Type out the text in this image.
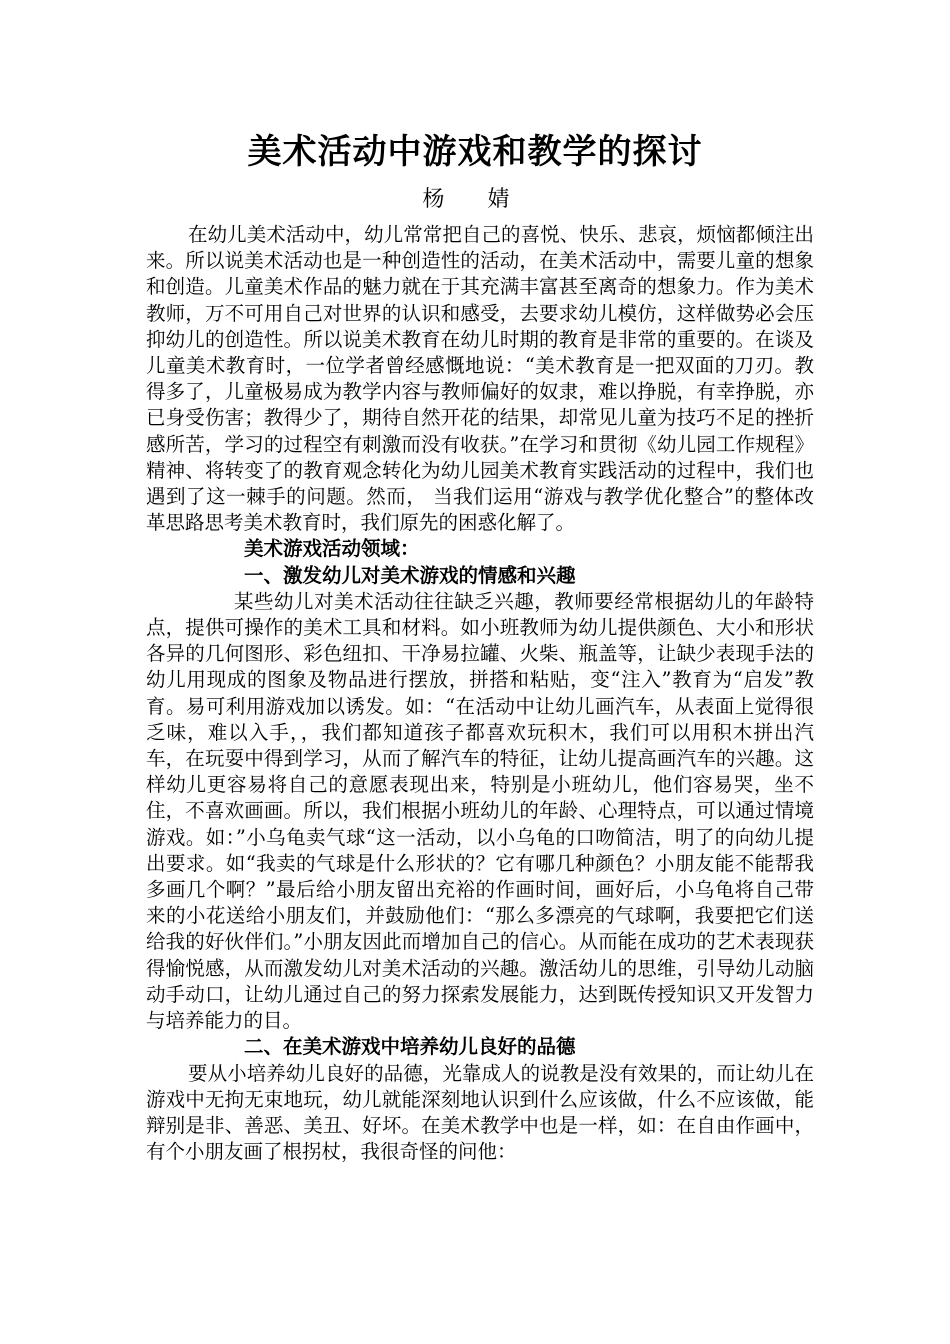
美术活动中游戏和教学的探讨
杨 婧

在幼儿美术活动中，幼儿常常把自己的喜悦、快乐、悲哀，烦恼都倾注出来。所以说美术活动也是一种创造性的活动，在美术活动中，需要儿童的想象和创造。儿童美术作品的魅力就在于其充满丰富甚至离奇的想象力。作为美术教师，万不可用自己对世界的认识和感受，去要求幼儿模仿，这样做势必会压抑幼儿的创造性。所以说美术教育在幼儿时期的教育是非常的重要的。在谈及儿童美术教育时，一位学者曾经感慨地说：“美术教育是一把双面的刀刃。教得多了，儿童极易成为教学内容与教师偏好的奴隶，难以挣脱，有幸挣脱，亦已身受伤害；教得少了，期待自然开花的结果，却常见儿童为技巧不足的挫折感所苦，学习的过程空有刺激而没有收获。”在学习和贯彻《幼儿园工作规程》 精神、将转变了的教育观念转化为幼儿园美术教育实践活动的过程中，我们也遇到了这一棘手的问题。然而， 当我们运用“游戏与教学优化整合”的整体改革思路思考美术教育时，我们原先的困惑化解了。

美术游戏活动领域：

一、激发幼儿对美术游戏的情感和兴趣

某些幼儿对美术活动往往缺乏兴趣，教师要经常根据幼儿的年龄特点，提供可操作的美术工具和材料。如小班教师为幼儿提供颜色、大小和形状各异的几何图形、彩色纽扣、干净易拉罐、火柴、瓶盖等，让缺少表现手法的幼儿用现成的图象及物品进行摆放，拼搭和粘贴，变“注入”教育为“启发”教育。易可利用游戏加以诱发。如：“在活动中让幼儿画汽车，从表面上觉得很乏味，难以入手，，我们都知道孩子都喜欢玩积木，我们可以用积木拼出汽车，在玩耍中得到学习，从而了解汽车的特征，让幼儿提高画汽车的兴趣。这样幼儿更容易将自己的意愿表现出来，特别是小班幼儿，他们容易哭，坐不住，不喜欢画画。所以，我们根据小班幼儿的年龄、心理特点，可以通过情境游戏。如：”小乌龟卖气球“这一活动，以小乌龟的口吻简洁，明了的向幼儿提出要求。如“我卖的气球是什么形状的？它有哪几种颜色？小朋友能不能帮我多画几个啊？”最后给小朋友留出充裕的作画时间，画好后，小乌龟将自己带来的小花送给小朋友们，并鼓励他们：“那么多漂亮的气球啊，我要把它们送给我的好伙伴们。”小朋友因此而增加自己的信心。从而能在成功的艺术表现获得愉悦感，从而激发幼儿对美术活动的兴趣。激活幼儿的思维，引导幼儿动脑动手动口，让幼儿通过自己的努力探索发展能力，达到既传授知识又开发智力与培养能力的目。

二、在美术游戏中培养幼儿良好的品德

要从小培养幼儿良好的品德，光靠成人的说教是没有效果的，而让幼儿在游戏中无拘无束地玩，幼儿就能深刻地认识到什么应该做，什么不应该做，能辩别是非、善恶、美丑、好坏。在美术教学中也是一样，如：在自由作画中，有个小朋友画了根拐杖，我很奇怪的问他：
